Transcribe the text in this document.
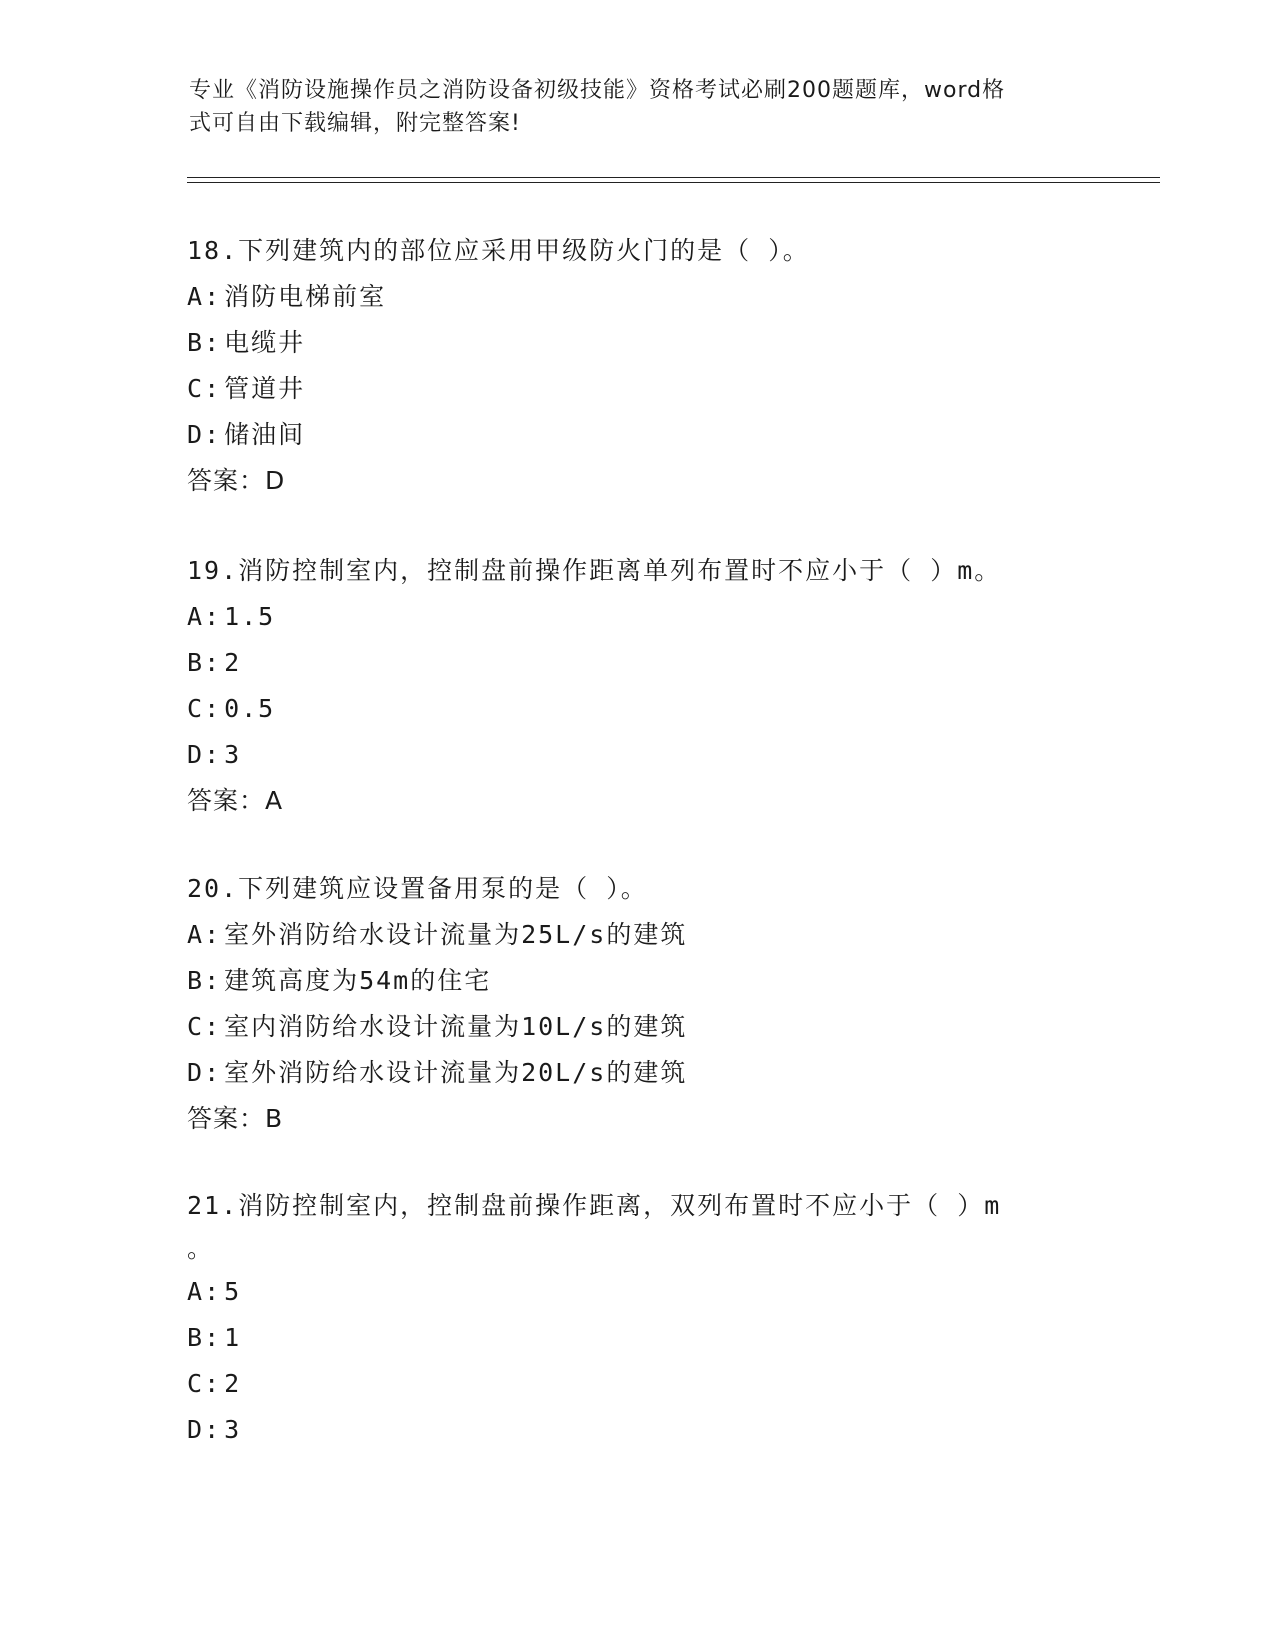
专业《消防设施操作员之消防设备初级技能》资格考试必刷200题题库，word格
式可自由下载编辑，附完整答案!
18.下列建筑内的部位应采用甲级防火门的是（ ）。
A: 消防电梯前室
B: 电缆井
C: 管道井
D: 储油间
答案：D
19.消防控制室内，控制盘前操作距离单列布置时不应小于（ ）m。
A: 1.5
B: 2
C: 0.5
D: 3
答案：A
20.下列建筑应设置备用泵的是（ ）。
A: 室外消防给水设计流量为25L/s的建筑
B: 建筑高度为54m的住宅
C: 室内消防给水设计流量为10L/s的建筑
D: 室外消防给水设计流量为20L/s的建筑
答案：B
21.消防控制室内，控制盘前操作距离，双列布置时不应小于（ ）m
。
A: 5
B: 1
C: 2
D: 3
